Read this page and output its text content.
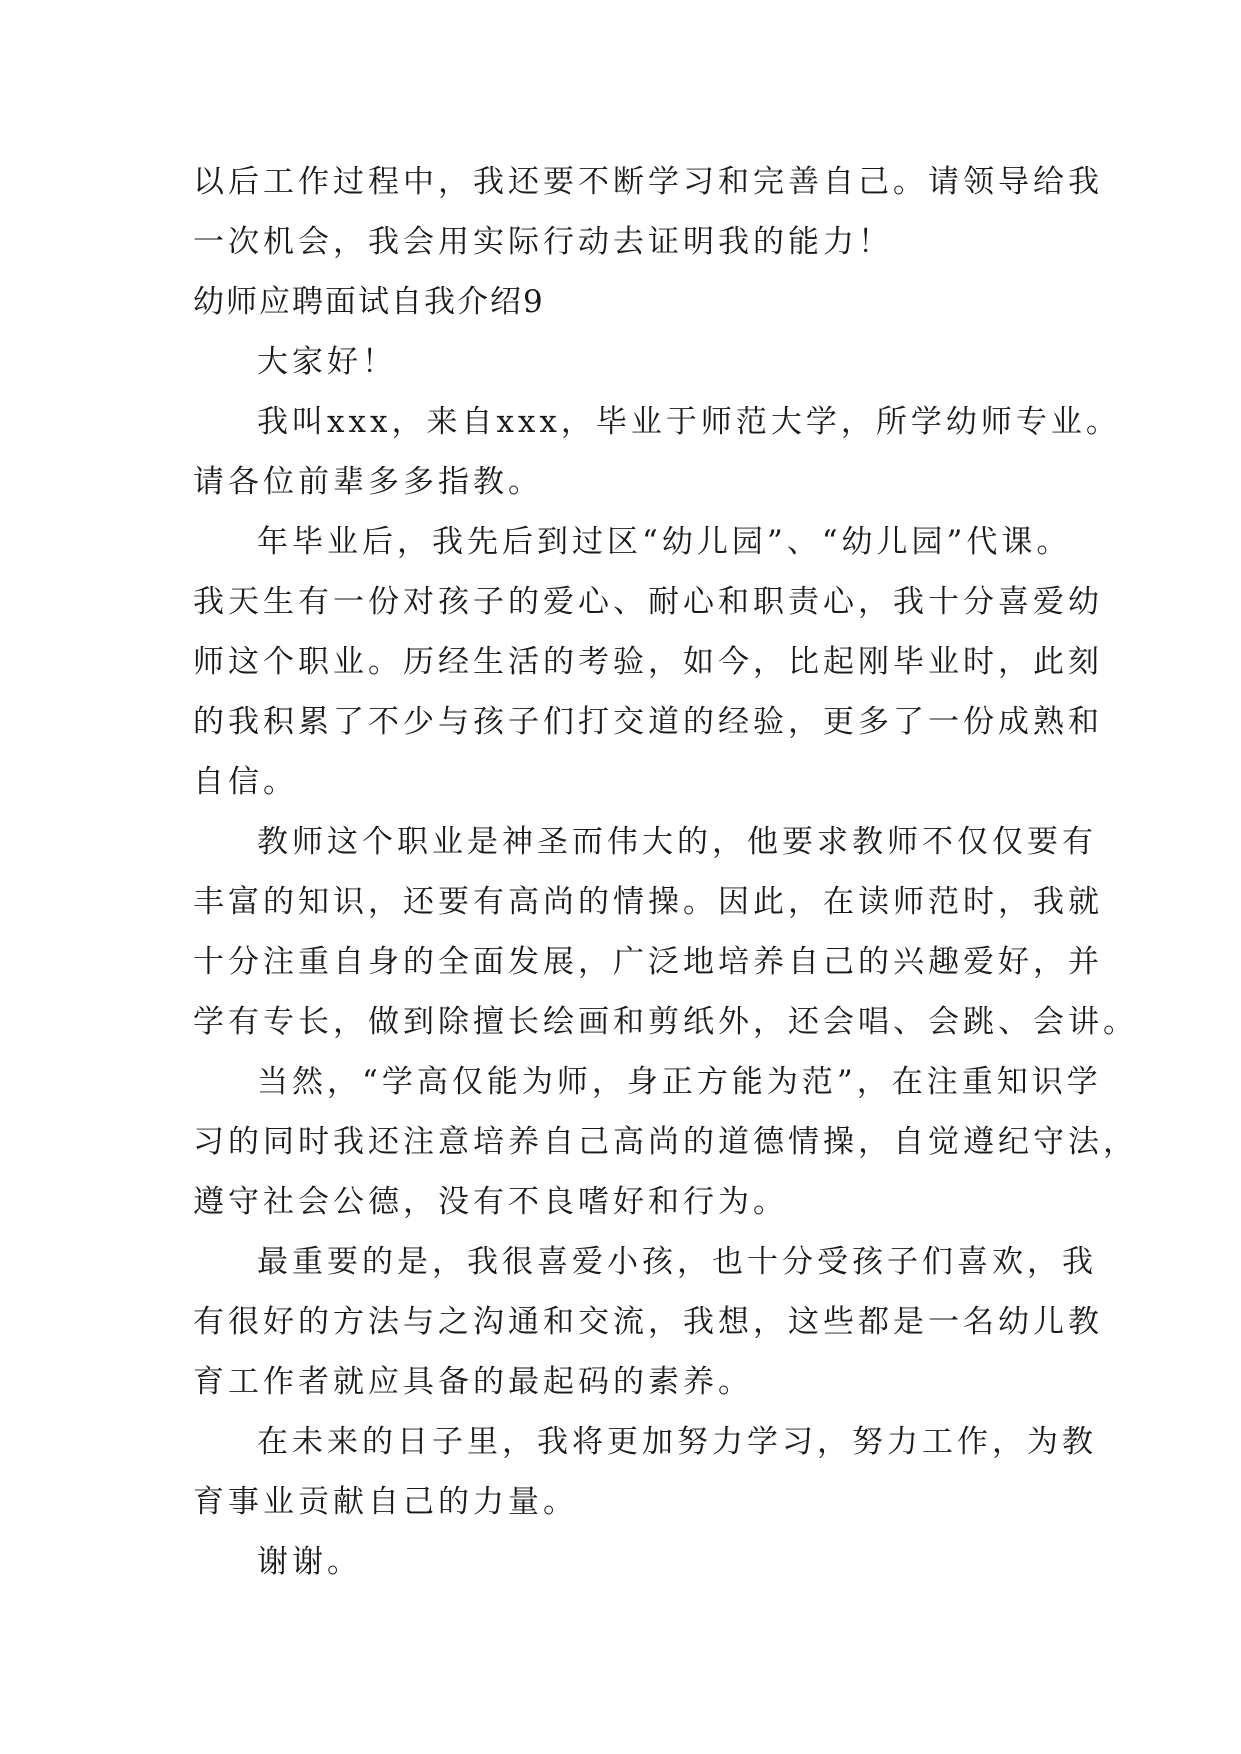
以后工作过程中，我还要不断学习和完善自己。请领导给我
一次机会，我会用实际行动去证明我的能力！
幼师应聘面试自我介绍9
大家好！
我叫xxx，来自xxx，毕业于师范大学，所学幼师专业。
请各位前辈多多指教。
年毕业后，我先后到过区“幼儿园”、“幼儿园”代课。
我天生有一份对孩子的爱心、耐心和职责心，我十分喜爱幼
师这个职业。历经生活的考验，如今，比起刚毕业时，此刻
的我积累了不少与孩子们打交道的经验，更多了一份成熟和
自信。
教师这个职业是神圣而伟大的，他要求教师不仅仅要有
丰富的知识，还要有高尚的情操。因此，在读师范时，我就
十分注重自身的全面发展，广泛地培养自己的兴趣爱好，并
学有专长，做到除擅长绘画和剪纸外，还会唱、会跳、会讲。
当然，“学高仅能为师，身正方能为范”，在注重知识学
习的同时我还注意培养自己高尚的道德情操，自觉遵纪守法，
遵守社会公德，没有不良嗜好和行为。
最重要的是，我很喜爱小孩，也十分受孩子们喜欢，我
有很好的方法与之沟通和交流，我想，这些都是一名幼儿教
育工作者就应具备的最起码的素养。
在未来的日子里，我将更加努力学习，努力工作，为教
育事业贡献自己的力量。
谢谢。
